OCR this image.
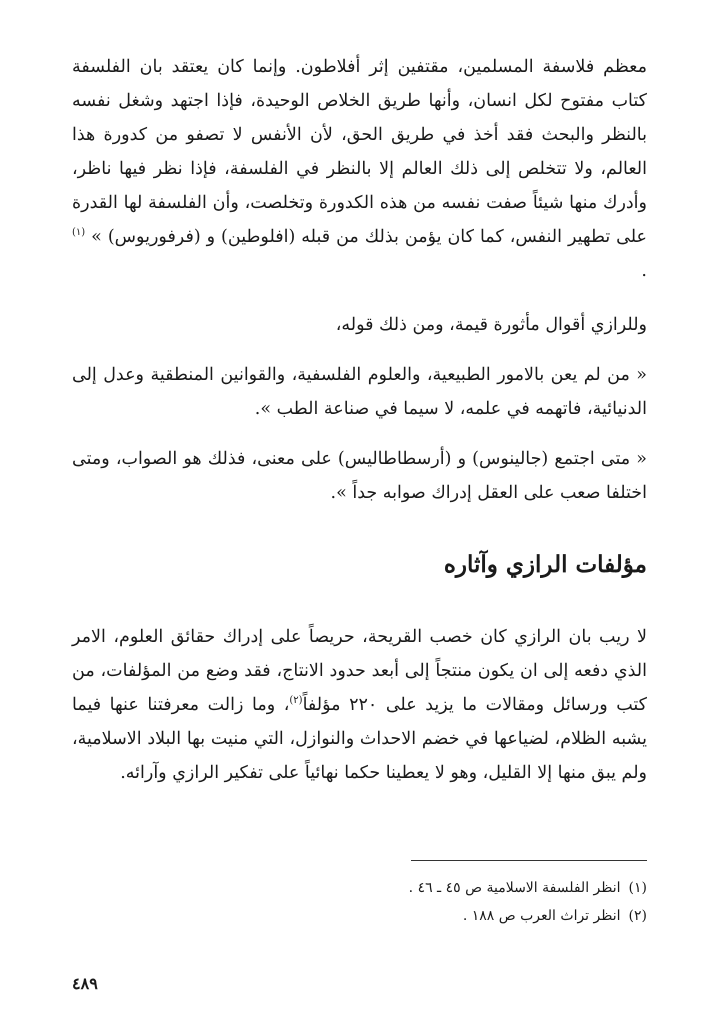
معظم فلاسفة المسلمين، مقتفين إثر أفلاطون. وإنما كان يعتقد بان الفلسفة كتاب مفتوح لكل انسان، وأنها طريق الخلاص الوحيدة، فإذا اجتهد وشغل نفسه بالنظر والبحث فقد أخذ في طريق الحق، لأن الأنفس لا تصفو من كدورة هذا العالم، ولا تتخلص إلى ذلك العالم إلا بالنظر في الفلسفة، فإذا نظر فيها ناظر، وأدرك منها شيئاً صفت نفسه من هذه الكدورة وتخلصت، وأن الفلسفة لها القدرة على تطهير النفس، كما كان يؤمن بذلك من قبله (افلوطين) و (فرفوريوس) » $^{(١)}$ .

وللرازي أقوال مأثورة قيمة، ومن ذلك قوله،

« من لم يعن بالامور الطبيعية، والعلوم الفلسفية، والقوانين المنطقية وعدل إلى الدنيائية، فاتهمه في علمه، لا سيما في صناعة الطب ».

« متى اجتمع (جالينوس) و (أرسطاطاليس) على معنى، فذلك هو الصواب، ومتى اختلفا صعب على العقل إدراك صوابه جداً ».

مؤلفات الرازي وآثاره

لا ريب بان الرازي كان خصب القريحة، حريصاً على إدراك حقائق العلوم، الامر الذي دفعه إلى ان يكون منتجاً إلى أبعد حدود الانتاج، فقد وضع من المؤلفات، من كتب ورسائل ومقالات ما يزيد على ٢٢٠ مؤلفاً$^{(٢)}$، وما زالت معرفتنا عنها فيما يشبه الظلام، لضياعها في خضم الاحداث والنوازل، التي منيت بها البلاد الاسلامية، ولم يبق منها إلا القليل، وهو لا يعطينا حكما نهائياً على تفكير الرازي وآرائه.

(١)انظر الفلسفة الاسلامية ص ٤٥ ـ ٤٦ .

(٢)انظر تراث العرب ص ١٨٨ .

٤٨٩
